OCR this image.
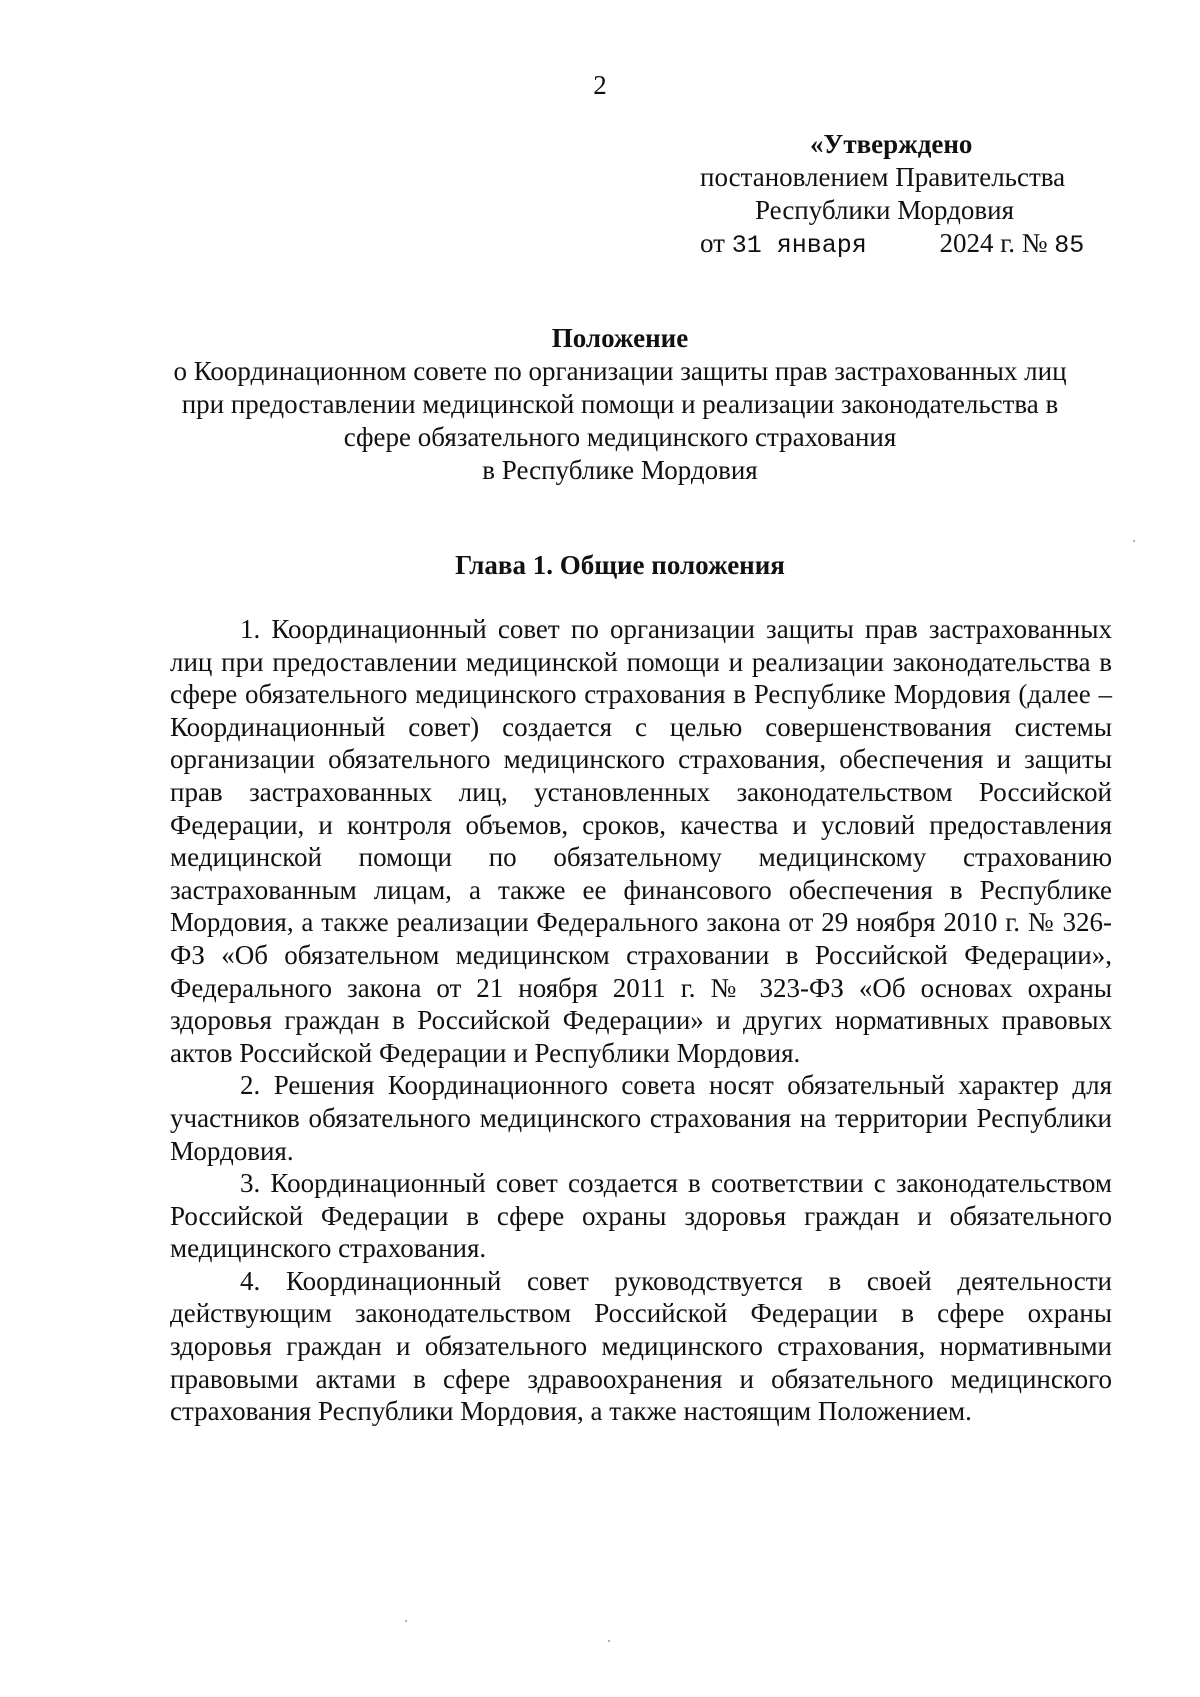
2
«Утверждено
постановлением Правительства
Республики Мордовия
от 31 января	2024 г. № 85
Положение
о Координационном совете по организации защиты прав застрахованных лиц
при предоставлении медицинской помощи и реализации законодательства в
сфере обязательного медицинского страхования
в Республике Мордовия
Глава 1. Общие положения

1. Координационный совет по организации защиты прав застрахованных лиц при предоставлении медицинской помощи и реализации законодательства в сфере обязательного медицинского страхования в Республике Мордовия (далее – Координационный совет) создается с целью совершенствования системы организации обязательного медицинского страхования, обеспечения и защиты прав застрахованных лиц, установленных законодательством Российской Федерации, и контроля объемов, сроков, качества и условий предоставления медицинской помощи по обязательному медицинскому страхованию застрахованным лицам, а также ее финансового обеспечения в Республике Мордовия, а также реализации Федерального закона от 29 ноября 2010 г. № 326-ФЗ «Об обязательном медицинском страховании в Российской Федерации», Федерального закона от 21 ноября 2011 г. № 323-ФЗ «Об основах охраны здоровья граждан в Российской Федерации» и других нормативных правовых актов Российской Федерации и Республики Мордовия.

2. Решения Координационного совета носят обязательный характер для участников обязательного медицинского страхования на территории Республики Мордовия.

3. Координационный совет создается в соответствии с законодательством Российской Федерации в сфере охраны здоровья граждан и обязательного медицинского страхования.

4. Координационный совет руководствуется в своей деятельности действующим законодательством Российской Федерации в сфере охраны здоровья граждан и обязательного медицинского страхования, нормативными правовыми актами в сфере здравоохранения и обязательного медицинского страхования Республики Мордовия, а также настоящим Положением.
